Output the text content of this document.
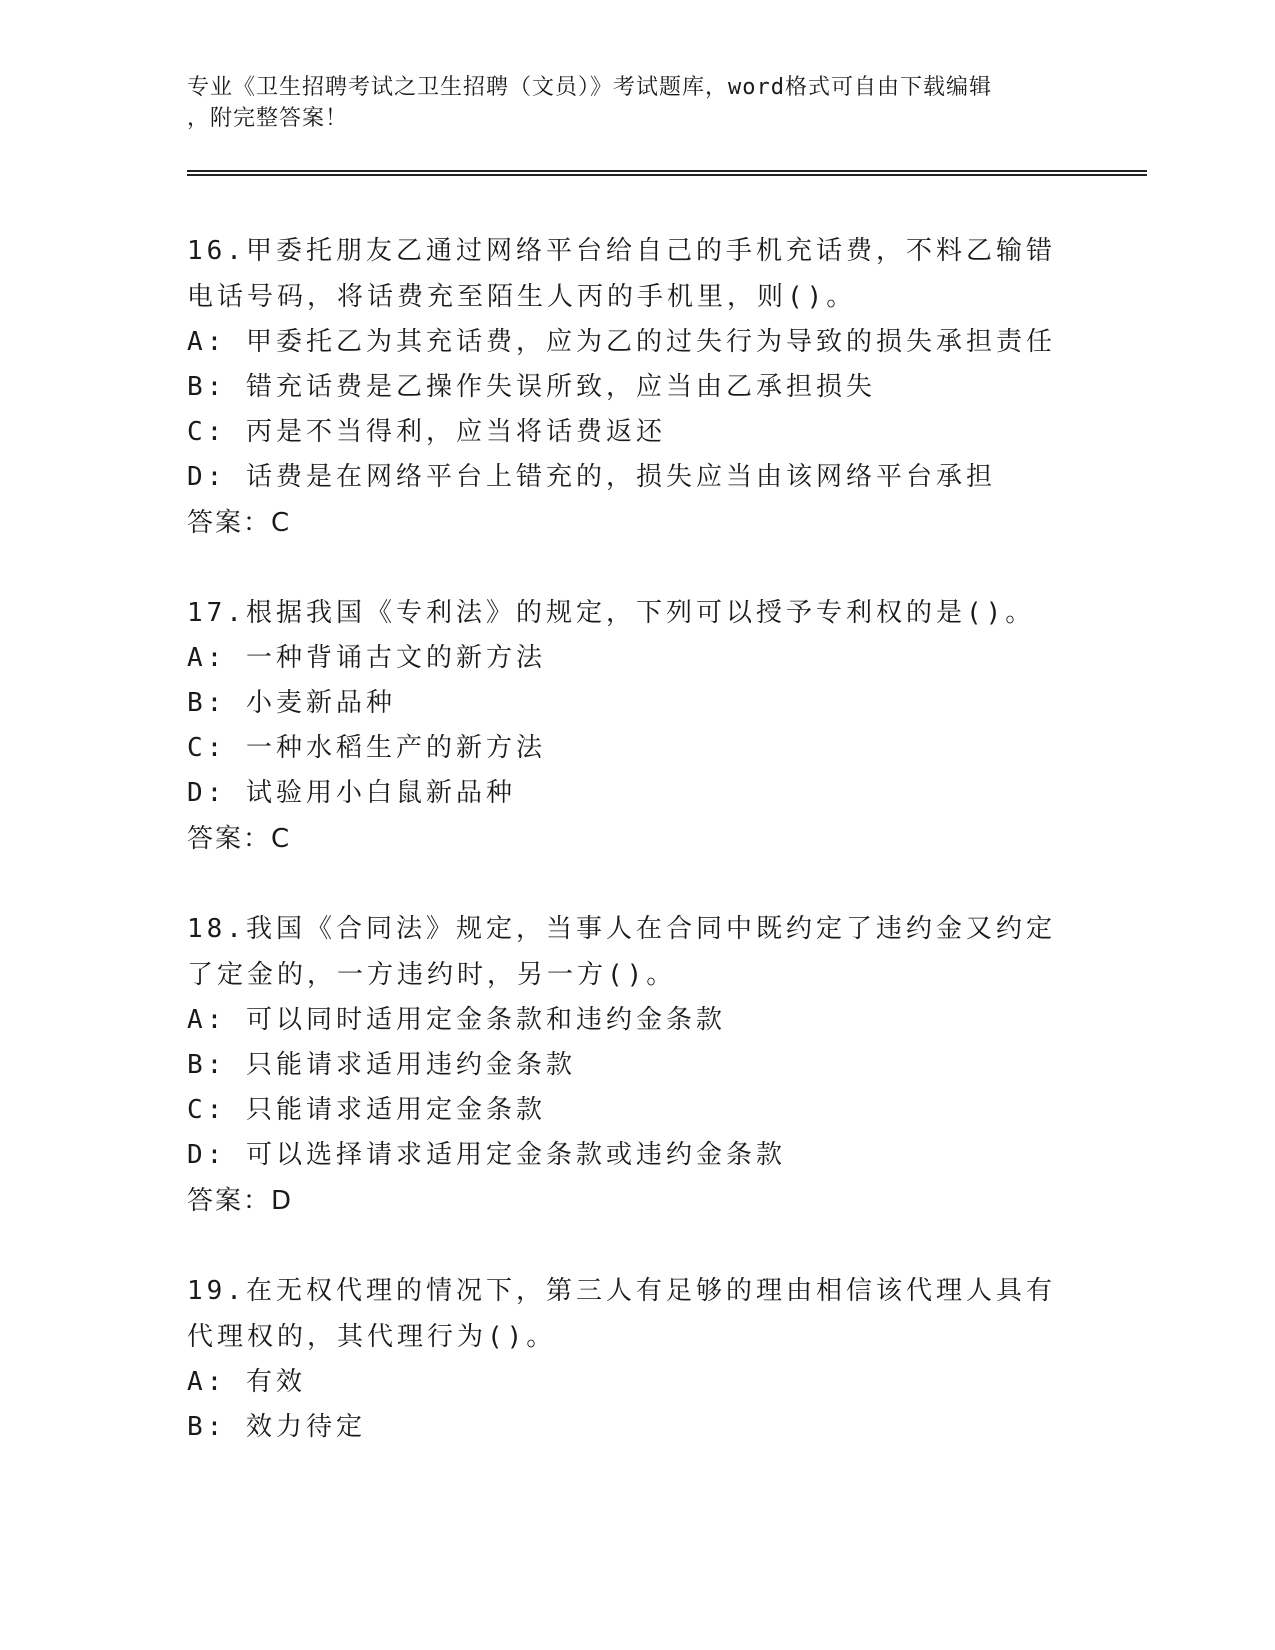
专业《卫生招聘考试之卫生招聘（文员）》考试题库，word格式可自由下载编辑
，附完整答案！

16.甲委托朋友乙通过网络平台给自己的手机充话费，不料乙输错电话号码，将话费充至陌生人丙的手机里，则()。

A: 甲委托乙为其充话费，应为乙的过失行为导致的损失承担责任

B: 错充话费是乙操作失误所致，应当由乙承担损失

C: 丙是不当得利，应当将话费返还

D: 话费是在网络平台上错充的，损失应当由该网络平台承担

答案：C

17.根据我国《专利法》的规定，下列可以授予专利权的是()。

A: 一种背诵古文的新方法

B: 小麦新品种

C: 一种水稻生产的新方法

D: 试验用小白鼠新品种

答案：C

18.我国《合同法》规定，当事人在合同中既约定了违约金又约定了定金的，一方违约时，另一方()。

A: 可以同时适用定金条款和违约金条款

B: 只能请求适用违约金条款

C: 只能请求适用定金条款

D: 可以选择请求适用定金条款或违约金条款

答案：D

19.在无权代理的情况下，第三人有足够的理由相信该代理人具有代理权的，其代理行为()。

A: 有效

B: 效力待定
